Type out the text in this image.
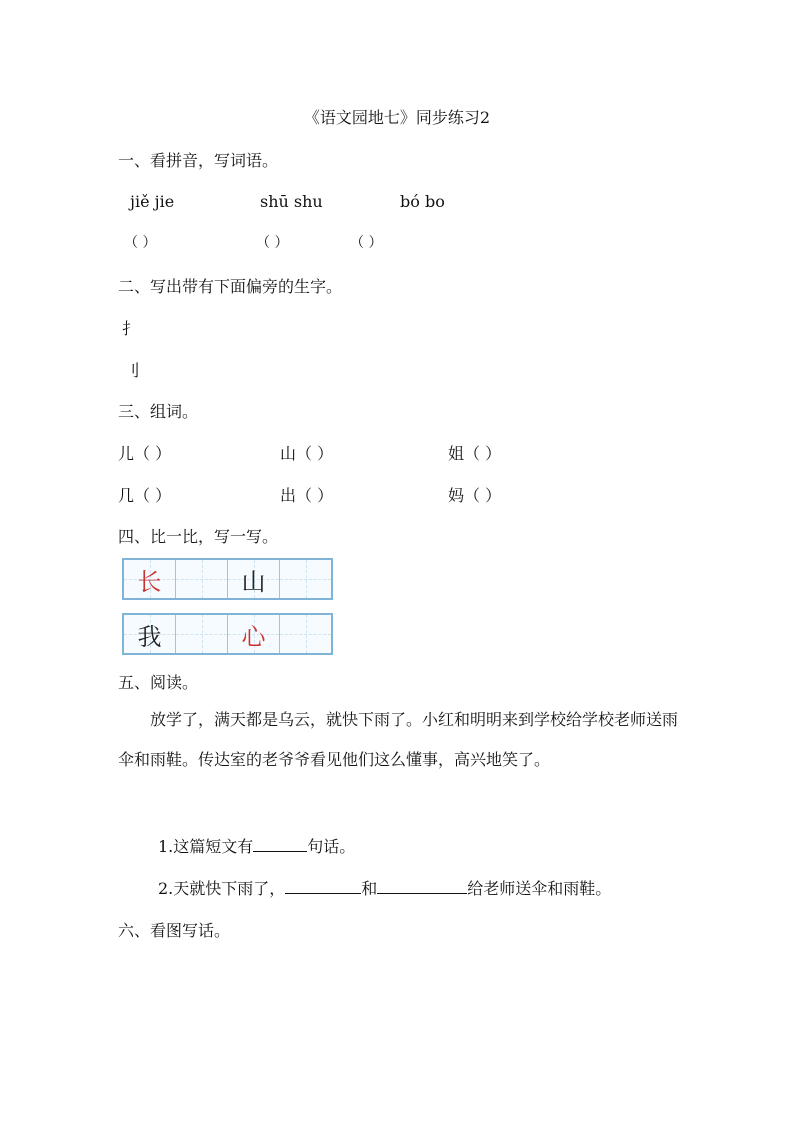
《语文园地七》同步练习2
一、看拼音，写词语。
jiě jie	shū shu	bó bo
（ ）	（ ）	（ ）
二、写出带有下面偏旁的生字。
扌
刂
三、组词。
儿（ ）	山（ ）	姐（ ）
几（ ）	出（ ）	妈（ ）
四、比一比，写一写。
长	山
我	心
五、阅读。
放学了，满天都是乌云，就快下雨了。小红和明明来到学校给学校老师送雨伞和雨鞋。传达室的老爷爷看见他们这么懂事，高兴地笑了。
1.这篇短文有	句话。
2.天就快下雨了，	和	给老师送伞和雨鞋。
六、看图写话。
